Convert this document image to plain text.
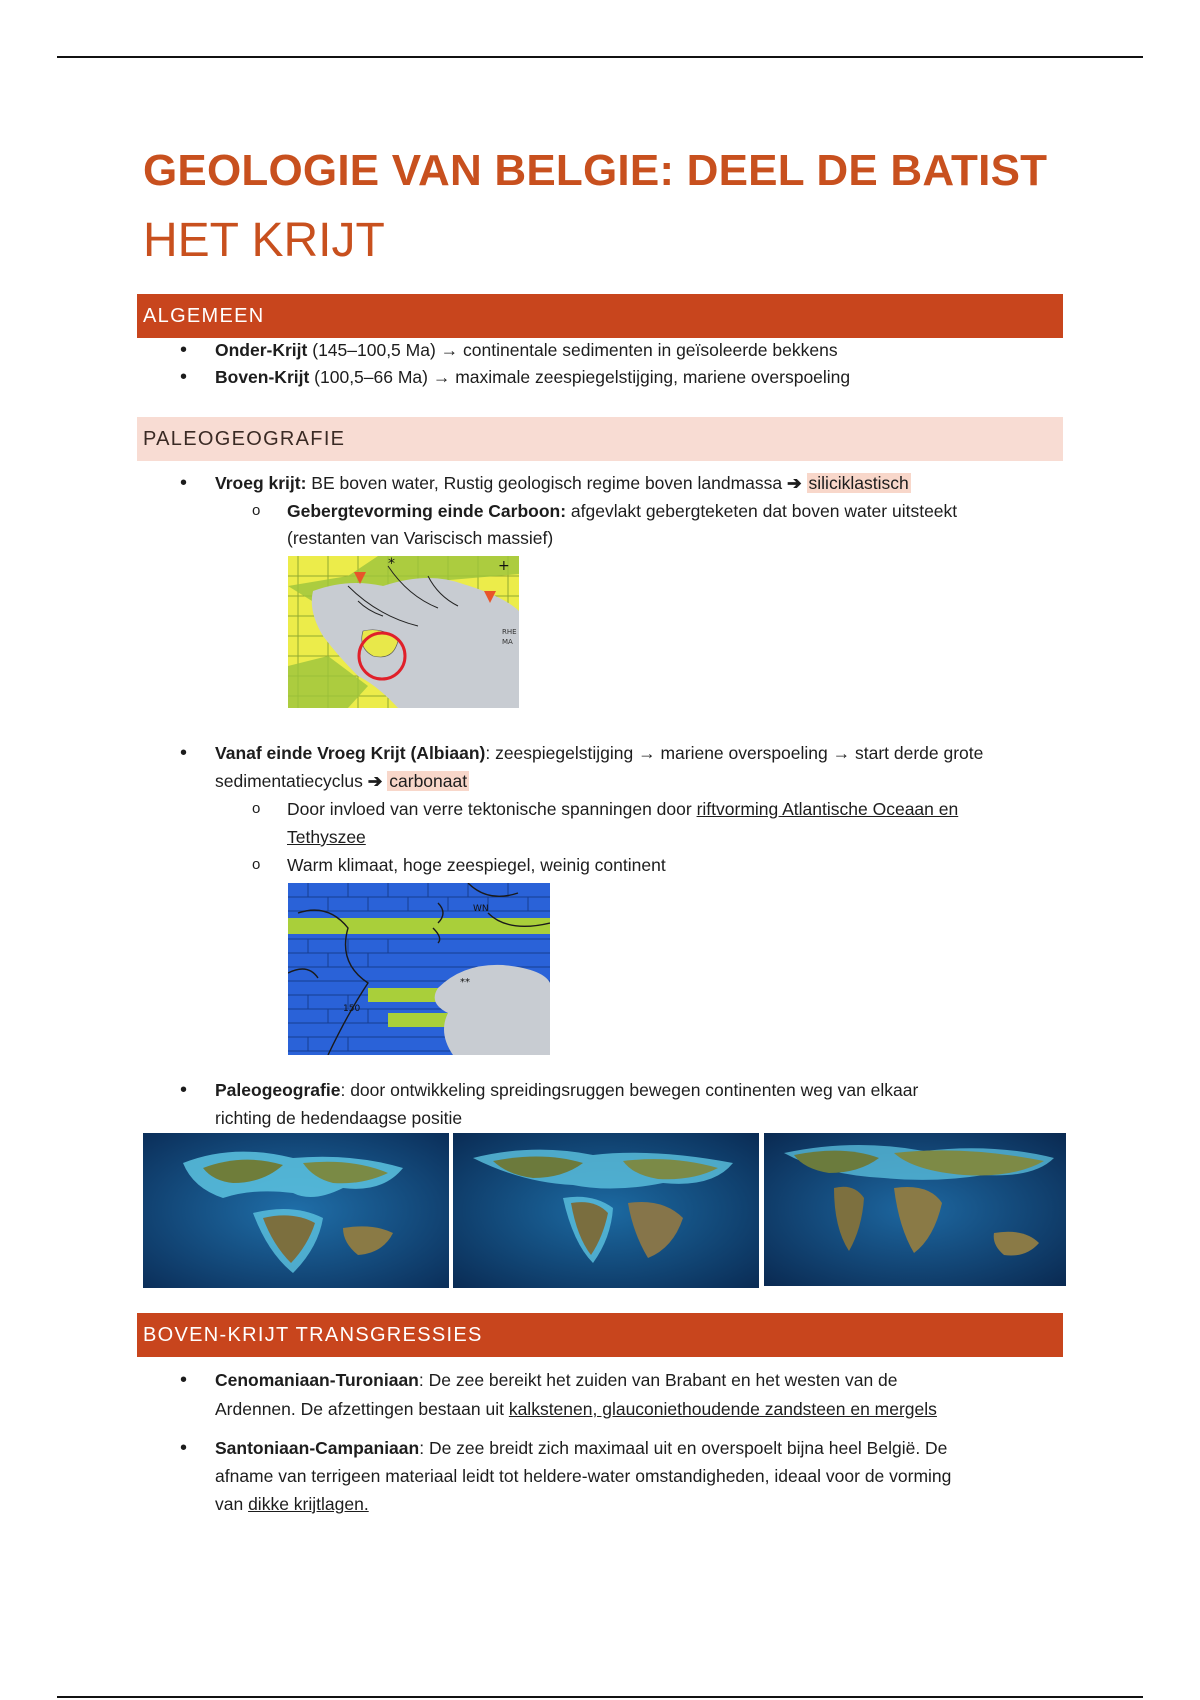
GEOLOGIE VAN BELGIE: DEEL DE BATIST
HET KRIJT
ALGEMEEN
• Onder-Krijt (145–100,5 Ma) → continentale sedimenten in geïsoleerde bekkens
• Boven-Krijt (100,5–66 Ma) → maximale zeespiegelstijging, mariene overspoeling
PALEOGEOGRAFIE
• Vroeg krijt: BE boven water, Rustig geologisch regime boven landmassa ➔ siliciklastisch
o Gebergtevorming einde Carboon: afgevlakt gebergteketen dat boven water uitsteekt
(restanten van Variscisch massief)
*	+
RHE
MA
• Vanaf einde Vroeg Krijt (Albiaan): zeespiegelstijging → mariene overspoeling → start derde grote
sedimentatiecyclus ➔ carbonaat
o Door invloed van verre tektonische spanningen door riftvorming Atlantische Oceaan en
Tethyszee
o Warm klimaat, hoge zeespiegel, weinig continent
WN
150
**
• Paleogeografie: door ontwikkeling spreidingsruggen bewegen continenten weg van elkaar
richting de hedendaagse positie
BOVEN-KRIJT TRANSGRESSIES
• Cenomaniaan-Turoniaan: De zee bereikt het zuiden van Brabant en het westen van de
Ardennen. De afzettingen bestaan uit kalkstenen, glauconiethoudende zandsteen en mergels
• Santoniaan-Campaniaan: De zee breidt zich maximaal uit en overspoelt bijna heel België. De
afname van terrigeen materiaal leidt tot heldere-water omstandigheden, ideaal voor de vorming
van dikke krijtlagen.
